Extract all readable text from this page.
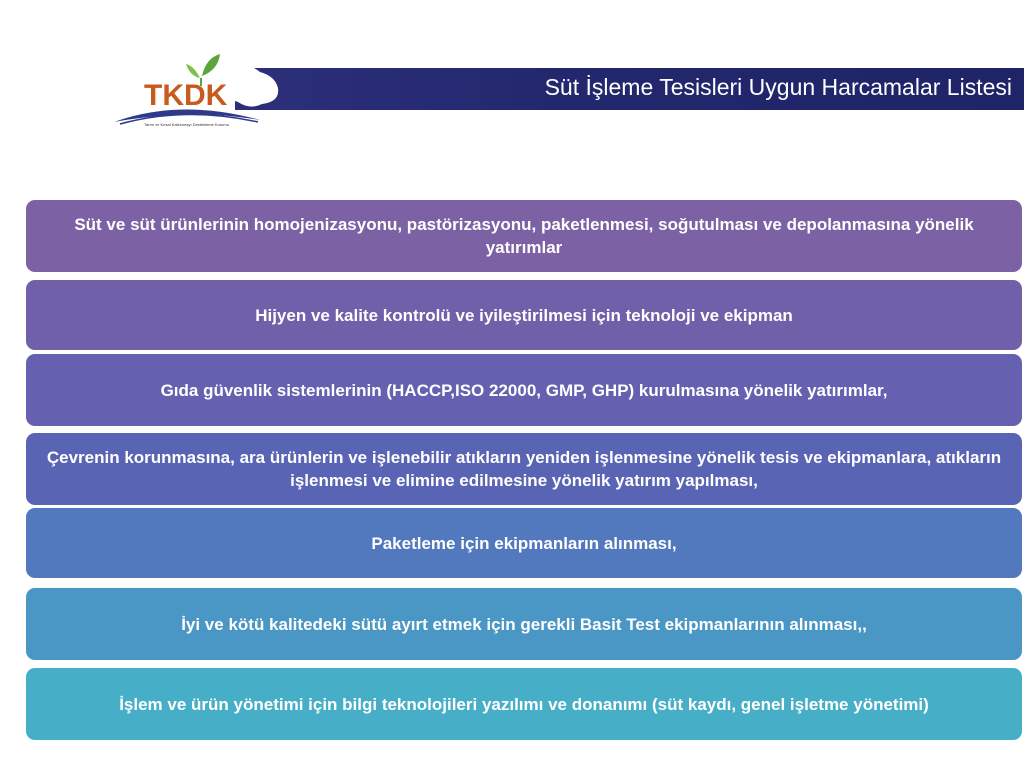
Süt İşleme Tesisleri Uygun Harcamalar Listesi
TKDK
Tarım ve Kırsal Kalkınmayı Destekleme Kurumu
Süt ve süt ürünlerinin homojenizasyonu, pastörizasyonu, paketlenmesi, soğutulması ve depolanmasına yönelik yatırımlar
Hijyen ve kalite kontrolü ve iyileştirilmesi için teknoloji ve ekipman
Gıda güvenlik sistemlerinin (HACCP,ISO 22000, GMP, GHP) kurulmasına yönelik yatırımlar,
Çevrenin korunmasına, ara ürünlerin ve işlenebilir atıkların yeniden işlenmesine yönelik tesis ve ekipmanlara, atıkların işlenmesi ve elimine edilmesine yönelik yatırım yapılması,
Paketleme için ekipmanların alınması,
İyi ve kötü kalitedeki sütü ayırt etmek için gerekli Basit Test ekipmanlarının alınması,,
İşlem ve ürün yönetimi için bilgi teknolojileri yazılımı ve donanımı (süt kaydı, genel işletme yönetimi)
